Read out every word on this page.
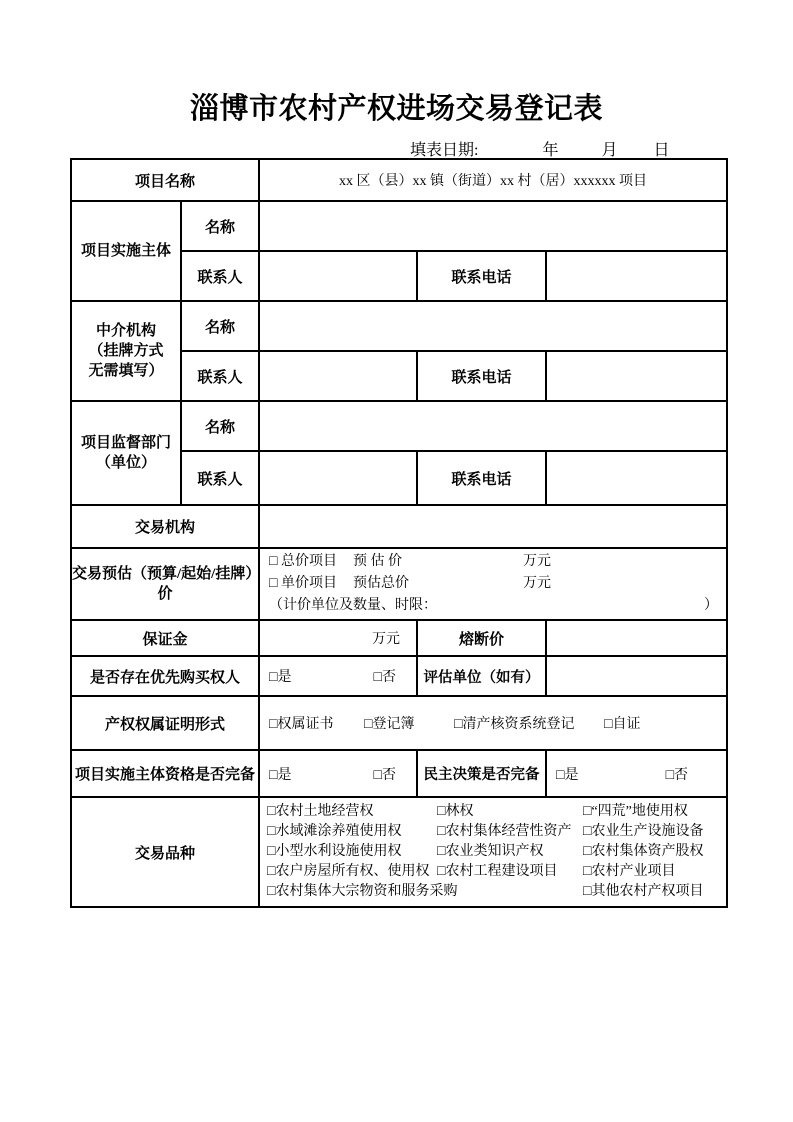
淄博市农村产权进场交易登记表
填表日期:	年	月 日
项目名称		xx 区（县）xx 镇（街道）xx 村（居）xxxxxx 项目		

项目实施主体	名称			
	联系人		联系电话	

中介机构
（挂牌方式
无需填写）	名称			
	联系人		联系电话	

项目监督部门
（单位）	名称			
	联系人		联系电话	
交易机构				

交易预估（预算/起始/挂牌）
价

□ 总价项目	预 估 价	万元
□ 单价项目	预估总价	万元
（计价单位及数量、时限：	）

保证金		万元	熔断价	
是否存在优先购买权人		□是 □否	评估单位（如有）	
产权权属证明形式		□权属证书 □登记簿 □清产核资系统登记 □自证		

项目实施主体资格是否完备		□是 □否	民主决策是否完备	□是 □否

交易品种	
□农村土地经营权	□林权	□“四荒”地使用权
□水域滩涂养殖使用权	□农村集体经营性资产 □农业生产设施设备
□小型水利设施使用权	□农业类知识产权	□农村集体资产股权
□农户房屋所有权、使用权 □农村工程建设项目	□农村产业项目
□农村集体大宗物资和服务采购	□其他农村产权项目
